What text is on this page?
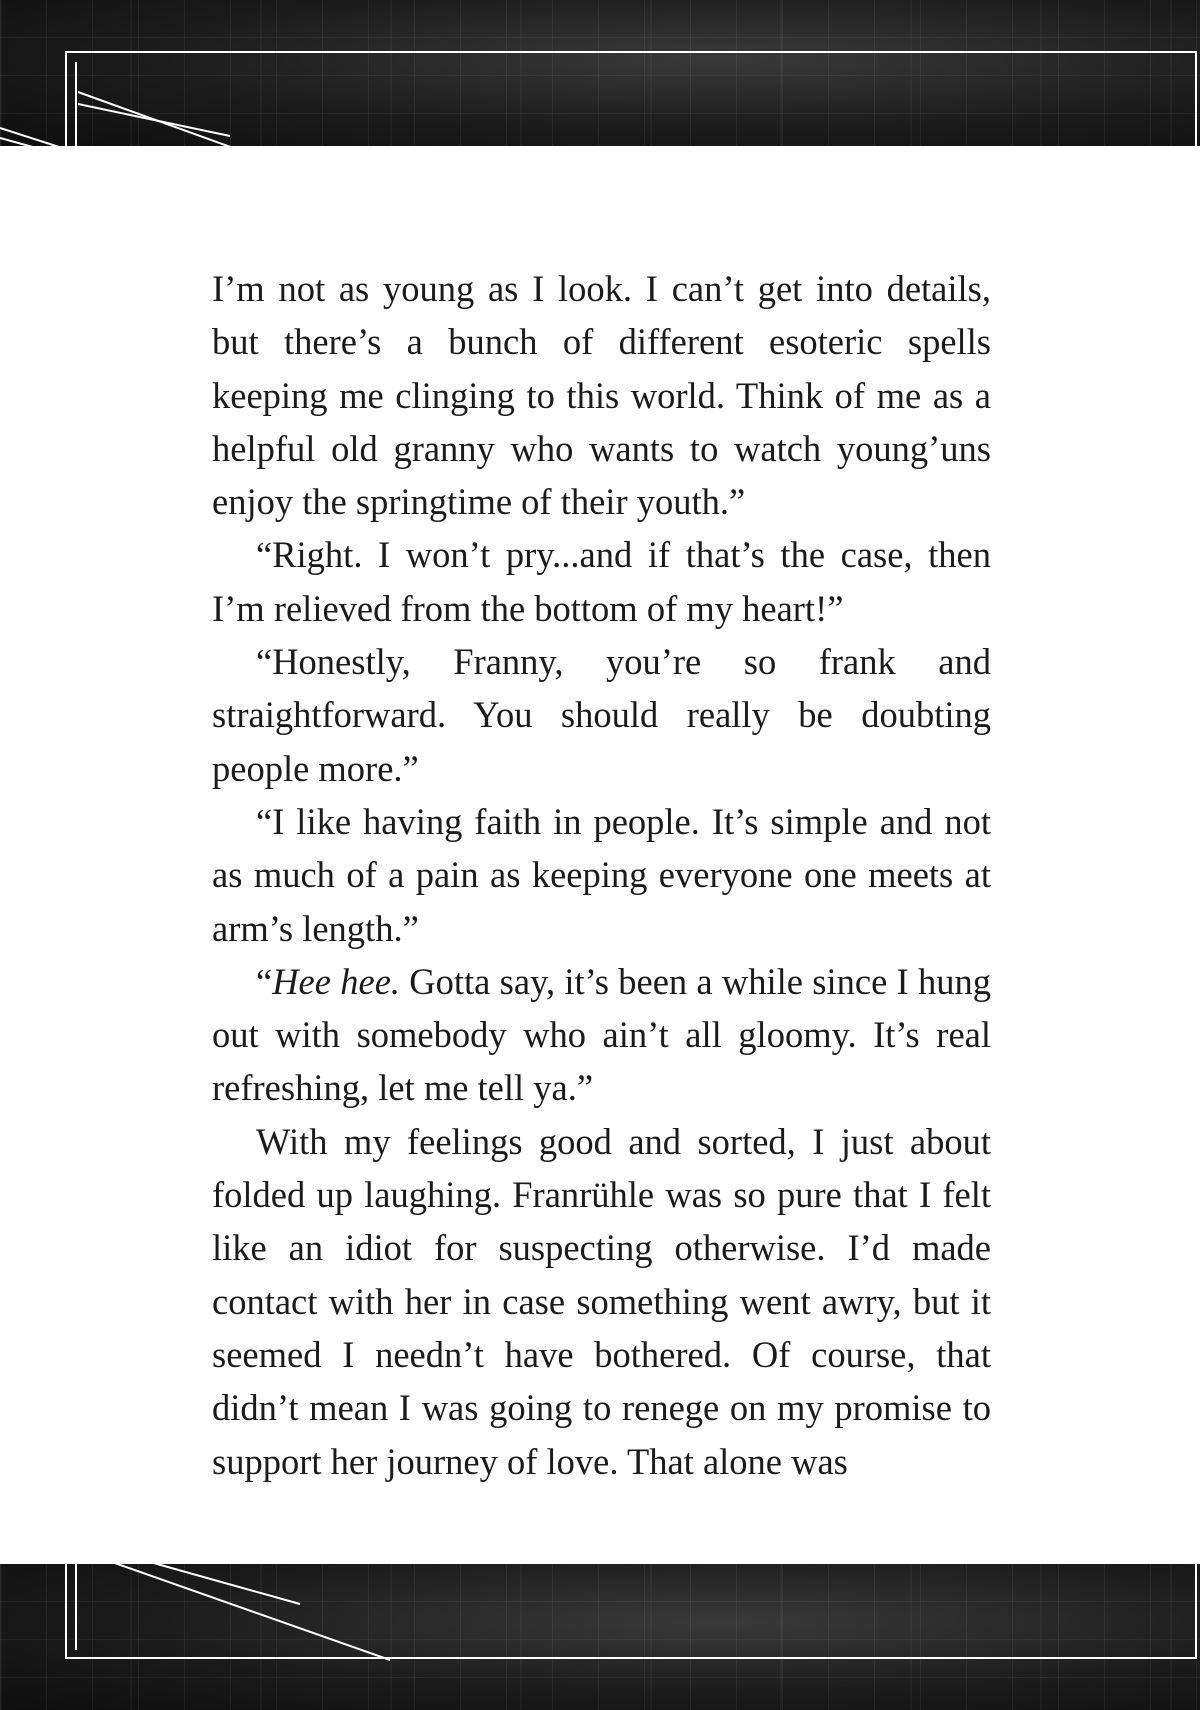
I’m not as young as I look. I can’t get into details, but there’s a bunch of different esoteric spells keeping me clinging to this world. Think of me as a helpful old granny who wants to watch young’uns enjoy the springtime of their youth.”

“Right. I won’t pry...and if that’s the case, then I’m relieved from the bottom of my heart!”

“Honestly, Franny, you’re so frank and straightforward. You should really be doubting people more.”

“I like having faith in people. It’s simple and not as much of a pain as keeping everyone one meets at arm’s length.”

“Hee hee. Gotta say, it’s been a while since I hung out with somebody who ain’t all gloomy. It’s real refreshing, let me tell ya.”

With my feelings good and sorted, I just about folded up laughing. Franrühle was so pure that I felt like an idiot for suspecting otherwise. I’d made contact with her in case something went awry, but it seemed I needn’t have bothered. Of course, that didn’t mean I was going to renege on my promise to support her journey of love. That alone was
